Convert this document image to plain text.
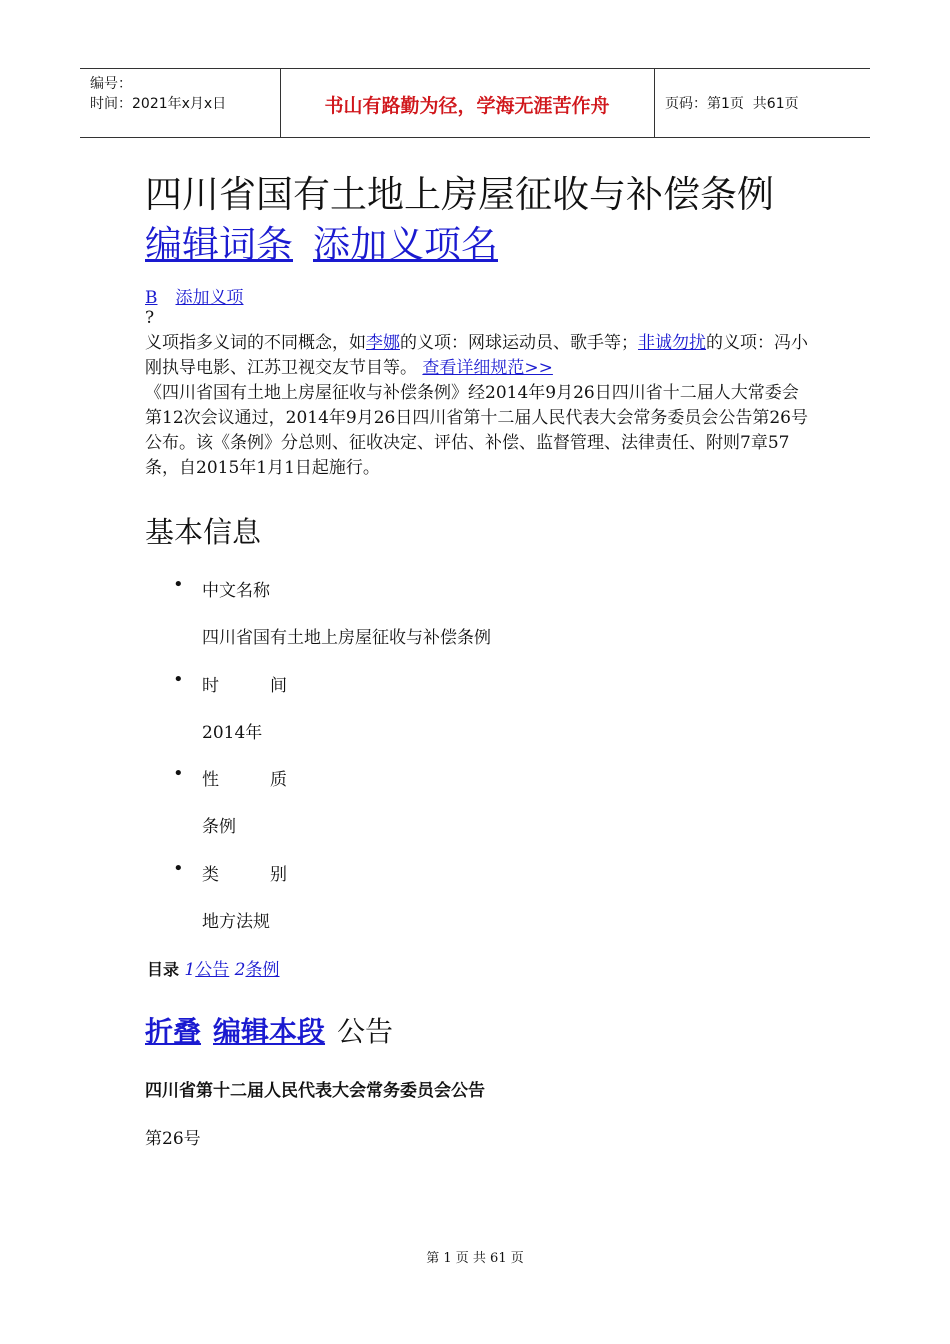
编号：
时间：2021年x月x日	书山有路勤为径，学海无涯苦作舟	页码：第1页  共61页
四川省国有土地上房屋征收与补偿条例
编辑词条 添加义项名
B 添加义项
?
义项指多义词的不同概念，如李娜的义项：网球运动员、歌手等；非诚勿扰的义项：冯小刚执导电影、江苏卫视交友节目等。 查看详细规范>>
《四川省国有土地上房屋征收与补偿条例》经2014年9月26日四川省十二届人大常委会第12次会议通过，2014年9月26日四川省第十二届人民代表大会常务委员会公告第26号公布。该《条例》分总则、征收决定、评估、补偿、监督管理、法律责任、附则7章57条，自2015年1月1日起施行。
基本信息
• 中文名称
四川省国有土地上房屋征收与补偿条例
• 时　　　间
2014年
• 性　　　质
条例
• 类　　　别
地方法规
目录 1公告 2条例
折叠 编辑本段 公告
四川省第十二届人民代表大会常务委员会公告
第26号
第 1 页 共 61 页
